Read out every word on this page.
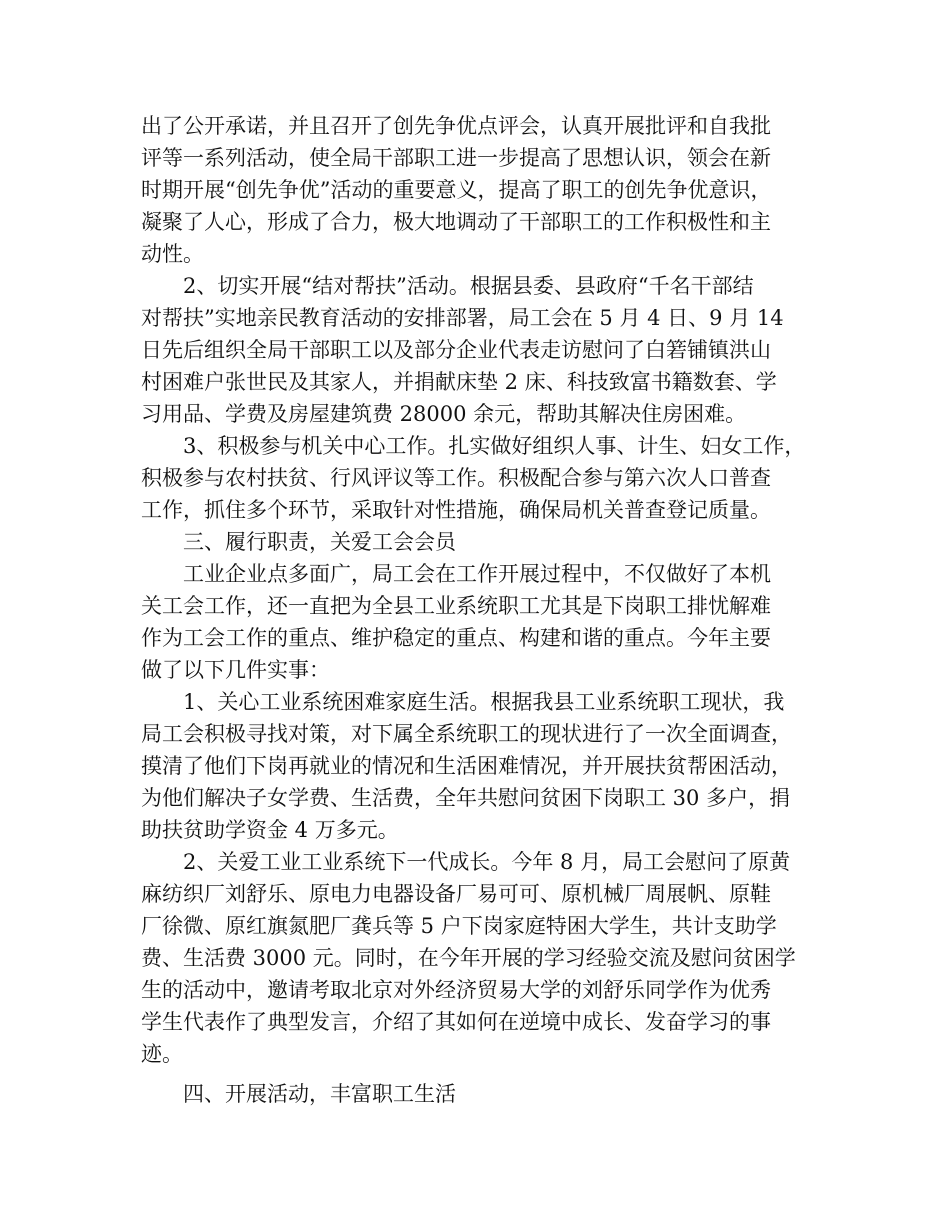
出了公开承诺，并且召开了创先争优点评会，认真开展批评和自我批
评等一系列活动，使全局干部职工进一步提高了思想认识，领会在新
时期开展“创先争优”活动的重要意义，提高了职工的创先争优意识，
凝聚了人心，形成了合力，极大地调动了干部职工的工作积极性和主
动性。
2、切实开展“结对帮扶”活动。根据县委、县政府“千名干部结
对帮扶”实地亲民教育活动的安排部署，局工会在 5 月 4 日、9 月 14
日先后组织全局干部职工以及部分企业代表走访慰问了白箬铺镇洪山
村困难户张世民及其家人，并捐献床垫 2 床、科技致富书籍数套、学
习用品、学费及房屋建筑费 28000 余元，帮助其解决住房困难。
3、积极参与机关中心工作。扎实做好组织人事、计生、妇女工作，
积极参与农村扶贫、行风评议等工作。积极配合参与第六次人口普查
工作，抓住多个环节，采取针对性措施，确保局机关普查登记质量。
三、履行职责，关爱工会会员
工业企业点多面广，局工会在工作开展过程中，不仅做好了本机
关工会工作，还一直把为全县工业系统职工尤其是下岗职工排忧解难
作为工会工作的重点、维护稳定的重点、构建和谐的重点。今年主要
做了以下几件实事：
1、关心工业系统困难家庭生活。根据我县工业系统职工现状，我
局工会积极寻找对策，对下属全系统职工的现状进行了一次全面调查，
摸清了他们下岗再就业的情况和生活困难情况，并开展扶贫帮困活动，
为他们解决子女学费、生活费，全年共慰问贫困下岗职工 30 多户，捐
助扶贫助学资金 4 万多元。
2、关爱工业工业系统下一代成长。今年 8 月，局工会慰问了原黄
麻纺织厂刘舒乐、原电力电器设备厂易可可、原机械厂周展帆、原鞋
厂徐微、原红旗氮肥厂龚兵等 5 户下岗家庭特困大学生，共计支助学
费、生活费 3000 元。同时，在今年开展的学习经验交流及慰问贫困学
生的活动中，邀请考取北京对外经济贸易大学的刘舒乐同学作为优秀
学生代表作了典型发言，介绍了其如何在逆境中成长、发奋学习的事
迹。
四、开展活动，丰富职工生活
